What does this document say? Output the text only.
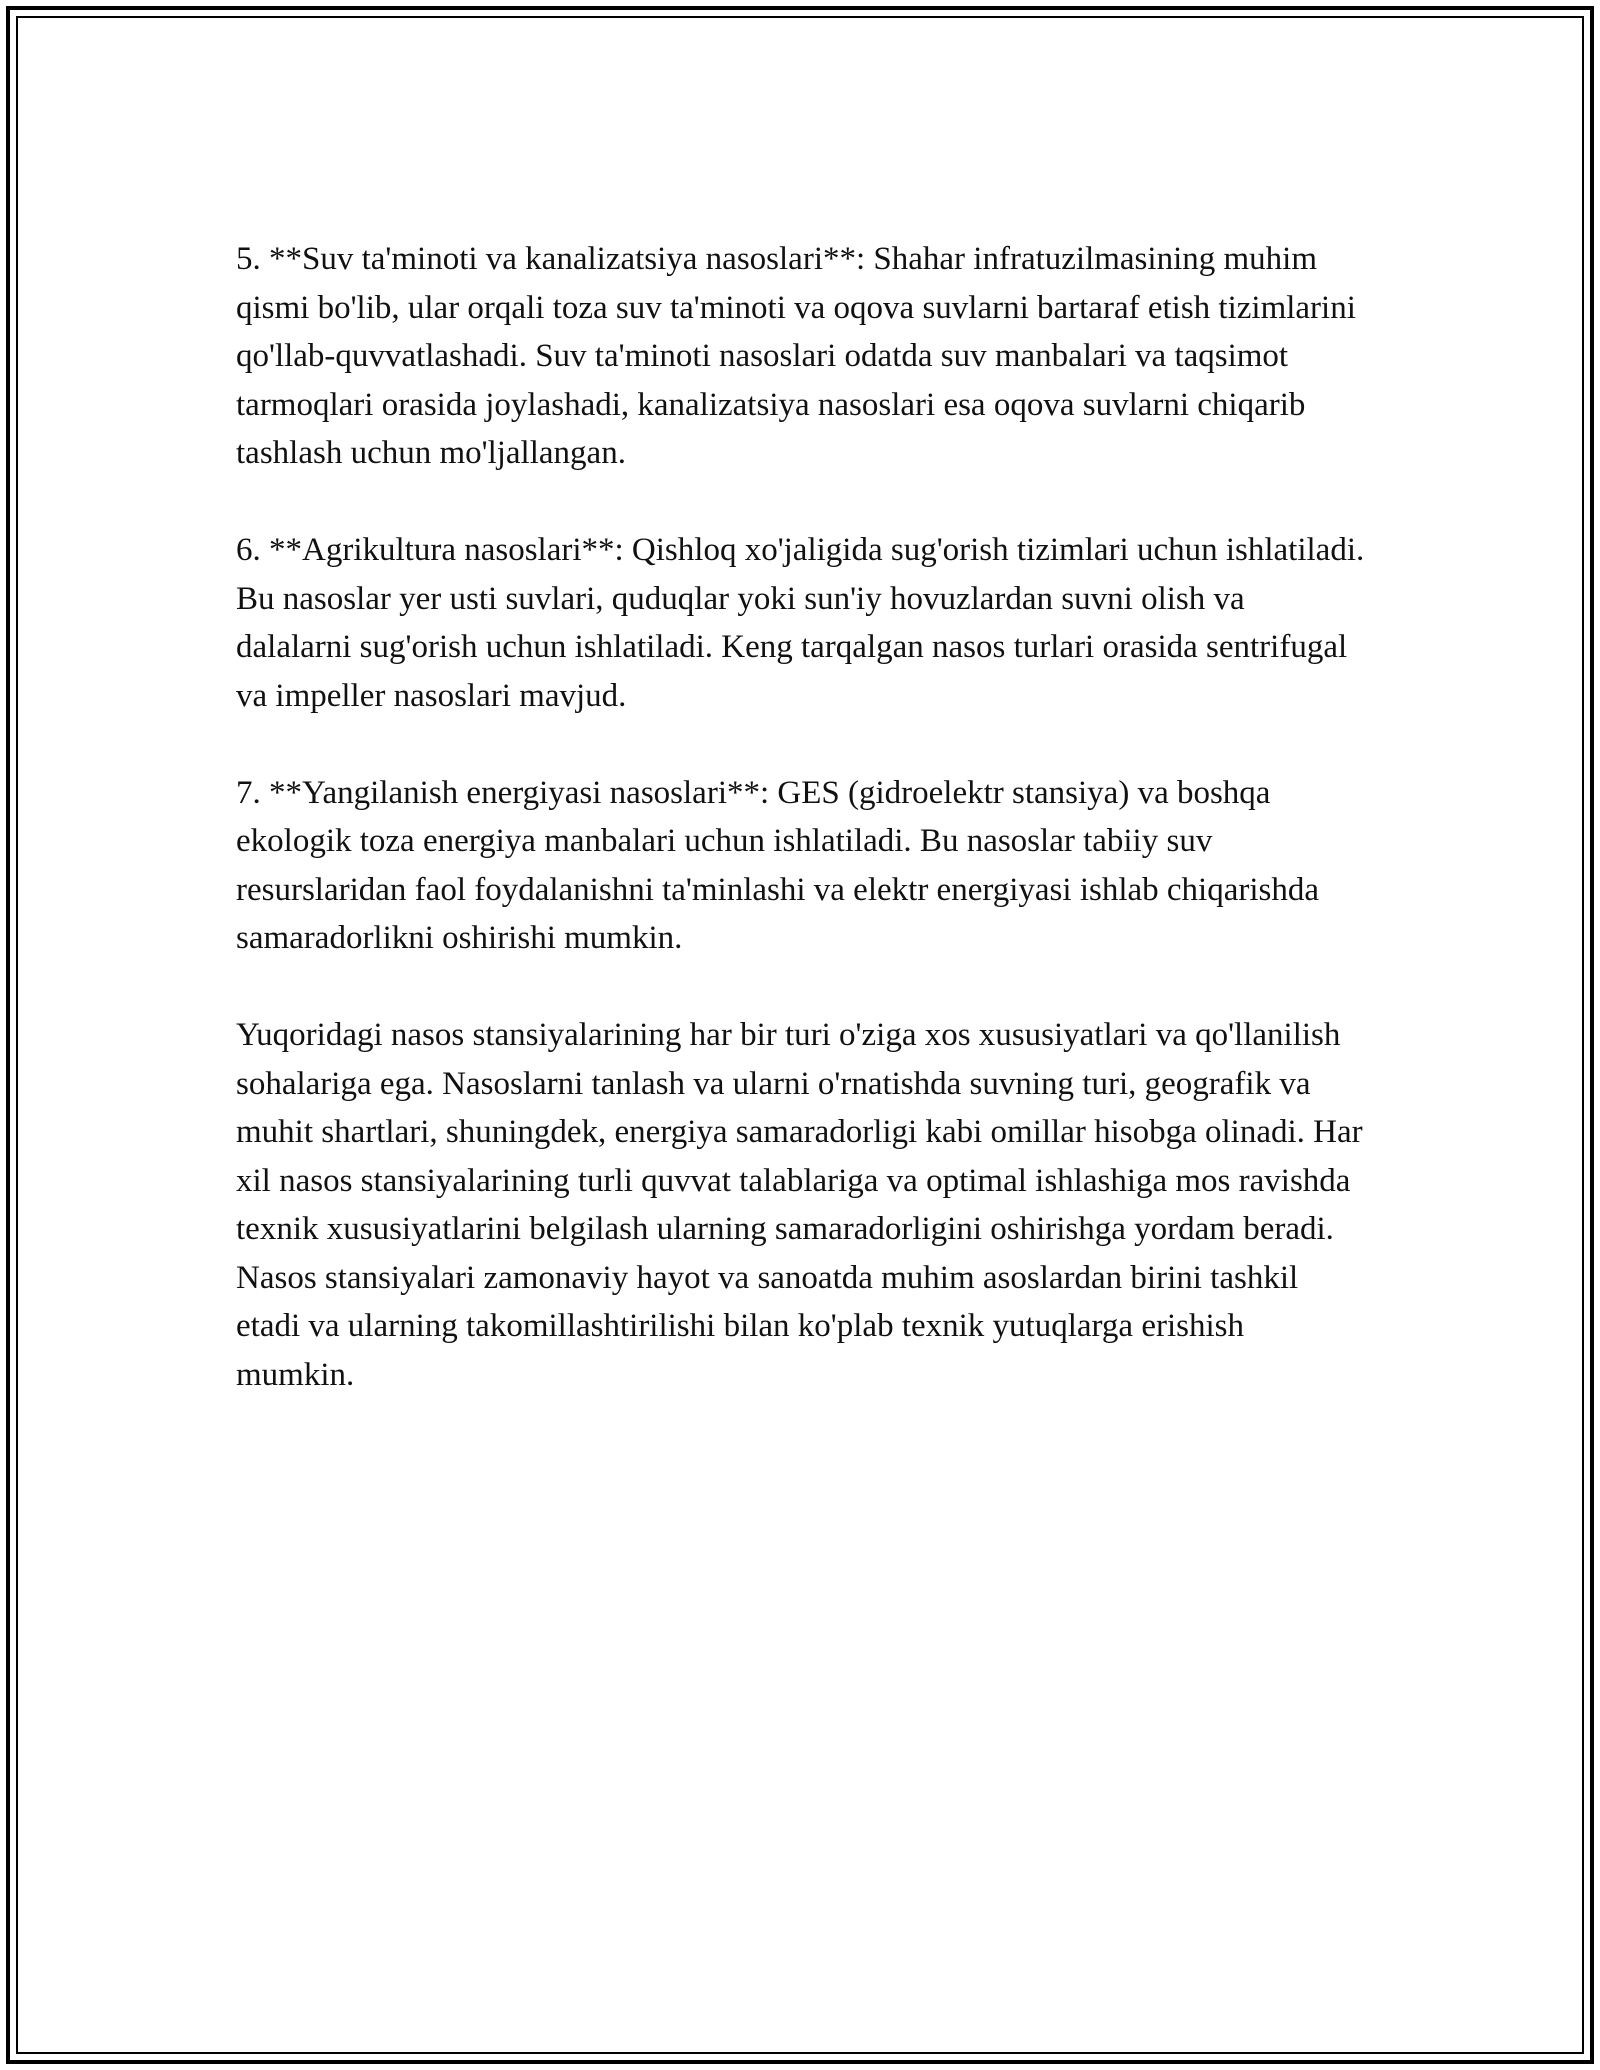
5. **Suv ta'minoti va kanalizatsiya nasoslari**: Shahar infratuzilmasining muhim qismi bo'lib, ular orqali toza suv ta'minoti va oqova suvlarni bartaraf etish tizimlarini qo'llab-quvvatlashadi. Suv ta'minoti nasoslari odatda suv manbalari va taqsimot tarmoqlari orasida joylashadi, kanalizatsiya nasoslari esa oqova suvlarni chiqarib tashlash uchun mo'ljallangan.

6. **Agrikultura nasoslari**: Qishloq xo'jaligida sug'orish tizimlari uchun ishlatiladi. Bu nasoslar yer usti suvlari, quduqlar yoki sun'iy hovuzlardan suvni olish va dalalarni sug'orish uchun ishlatiladi. Keng tarqalgan nasos turlari orasida sentrifugal va impeller nasoslari mavjud.

7. **Yangilanish energiyasi nasoslari**: GES (gidroelektr stansiya) va boshqa ekologik toza energiya manbalari uchun ishlatiladi. Bu nasoslar tabiiy suv resurslaridan faol foydalanishni ta'minlashi va elektr energiyasi ishlab chiqarishda samaradorlikni oshirishi mumkin.

Yuqoridagi nasos stansiyalarining har bir turi o'ziga xos xususiyatlari va qo'llanilish sohalariga ega. Nasoslarni tanlash va ularni o'rnatishda suvning turi, geografik va muhit shartlari, shuningdek, energiya samaradorligi kabi omillar hisobga olinadi. Har xil nasos stansiyalarining turli quvvat talablariga va optimal ishlashiga mos ravishda texnik xususiyatlarini belgilash ularning samaradorligini oshirishga yordam beradi. Nasos stansiyalari zamonaviy hayot va sanoatda muhim asoslardan birini tashkil etadi va ularning takomillashtirilishi bilan ko'plab texnik yutuqlarga erishish mumkin.
